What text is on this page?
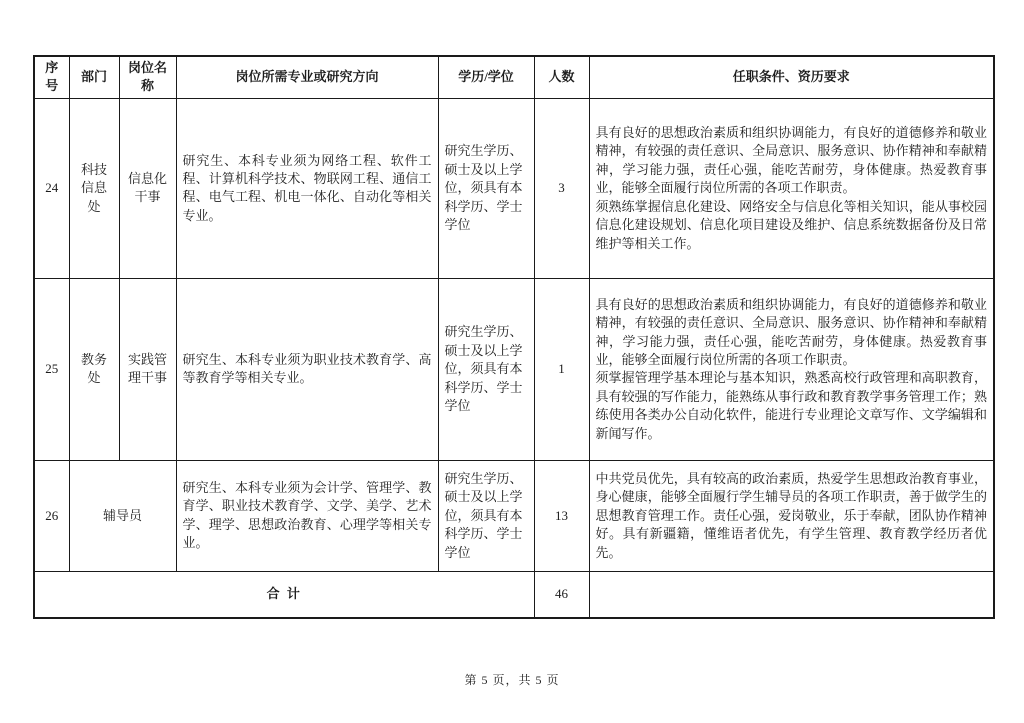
序号	部门	岗位名称	岗位所需专业或研究方向	学历/学位	人数	任职条件、资历要求
24	科技信息处	信息化干事	研究生、本科专业须为网络工程、软件工程、计算机科学技术、物联网工程、通信工程、电气工程、机电一体化、自动化等相关专业。	研究生学历、硕士及以上学位，须具有本科学历、学士学位	3	具有良好的思想政治素质和组织协调能力，有良好的道德修养和敬业精神，有较强的责任意识、全局意识、服务意识、协作精神和奉献精神，学习能力强，责任心强，能吃苦耐劳，身体健康。热爱教育事业，能够全面履行岗位所需的各项工作职责。

须熟练掌握信息化建设、网络安全与信息化等相关知识，能从事校园信息化建设规划、信息化项目建设及维护、信息系统数据备份及日常维护等相关工作。

25	教务处	实践管理干事	研究生、本科专业须为职业技术教育学、高等教育学等相关专业。	研究生学历、硕士及以上学位，须具有本科学历、学士学位	1	具有良好的思想政治素质和组织协调能力，有良好的道德修养和敬业精神，有较强的责任意识、全局意识、服务意识、协作精神和奉献精神，学习能力强，责任心强，能吃苦耐劳，身体健康。热爱教育事业，能够全面履行岗位所需的各项工作职责。

须掌握管理学基本理论与基本知识，熟悉高校行政管理和高职教育，具有较强的写作能力，能熟练从事行政和教育教学事务管理工作；熟练使用各类办公自动化软件，能进行专业理论文章写作、文学编辑和新闻写作。

26	辅导员		研究生、本科专业须为会计学、管理学、教育学、职业技术教育学、文学、美学、艺术学、理学、思想政治教育、心理学等相关专业。	研究生学历、硕士及以上学位，须具有本科学历、学士学位	13	中共党员优先，具有较高的政治素质，热爱学生思想政治教育事业，身心健康，能够全面履行学生辅导员的各项工作职责，善于做学生的思想教育管理工作。责任心强，爱岗敬业，乐于奉献，团队协作精神好。具有新疆籍，懂维语者优先，有学生管理、教育教学经历者优先。

合 计					46	
第 5 页，共 5 页
